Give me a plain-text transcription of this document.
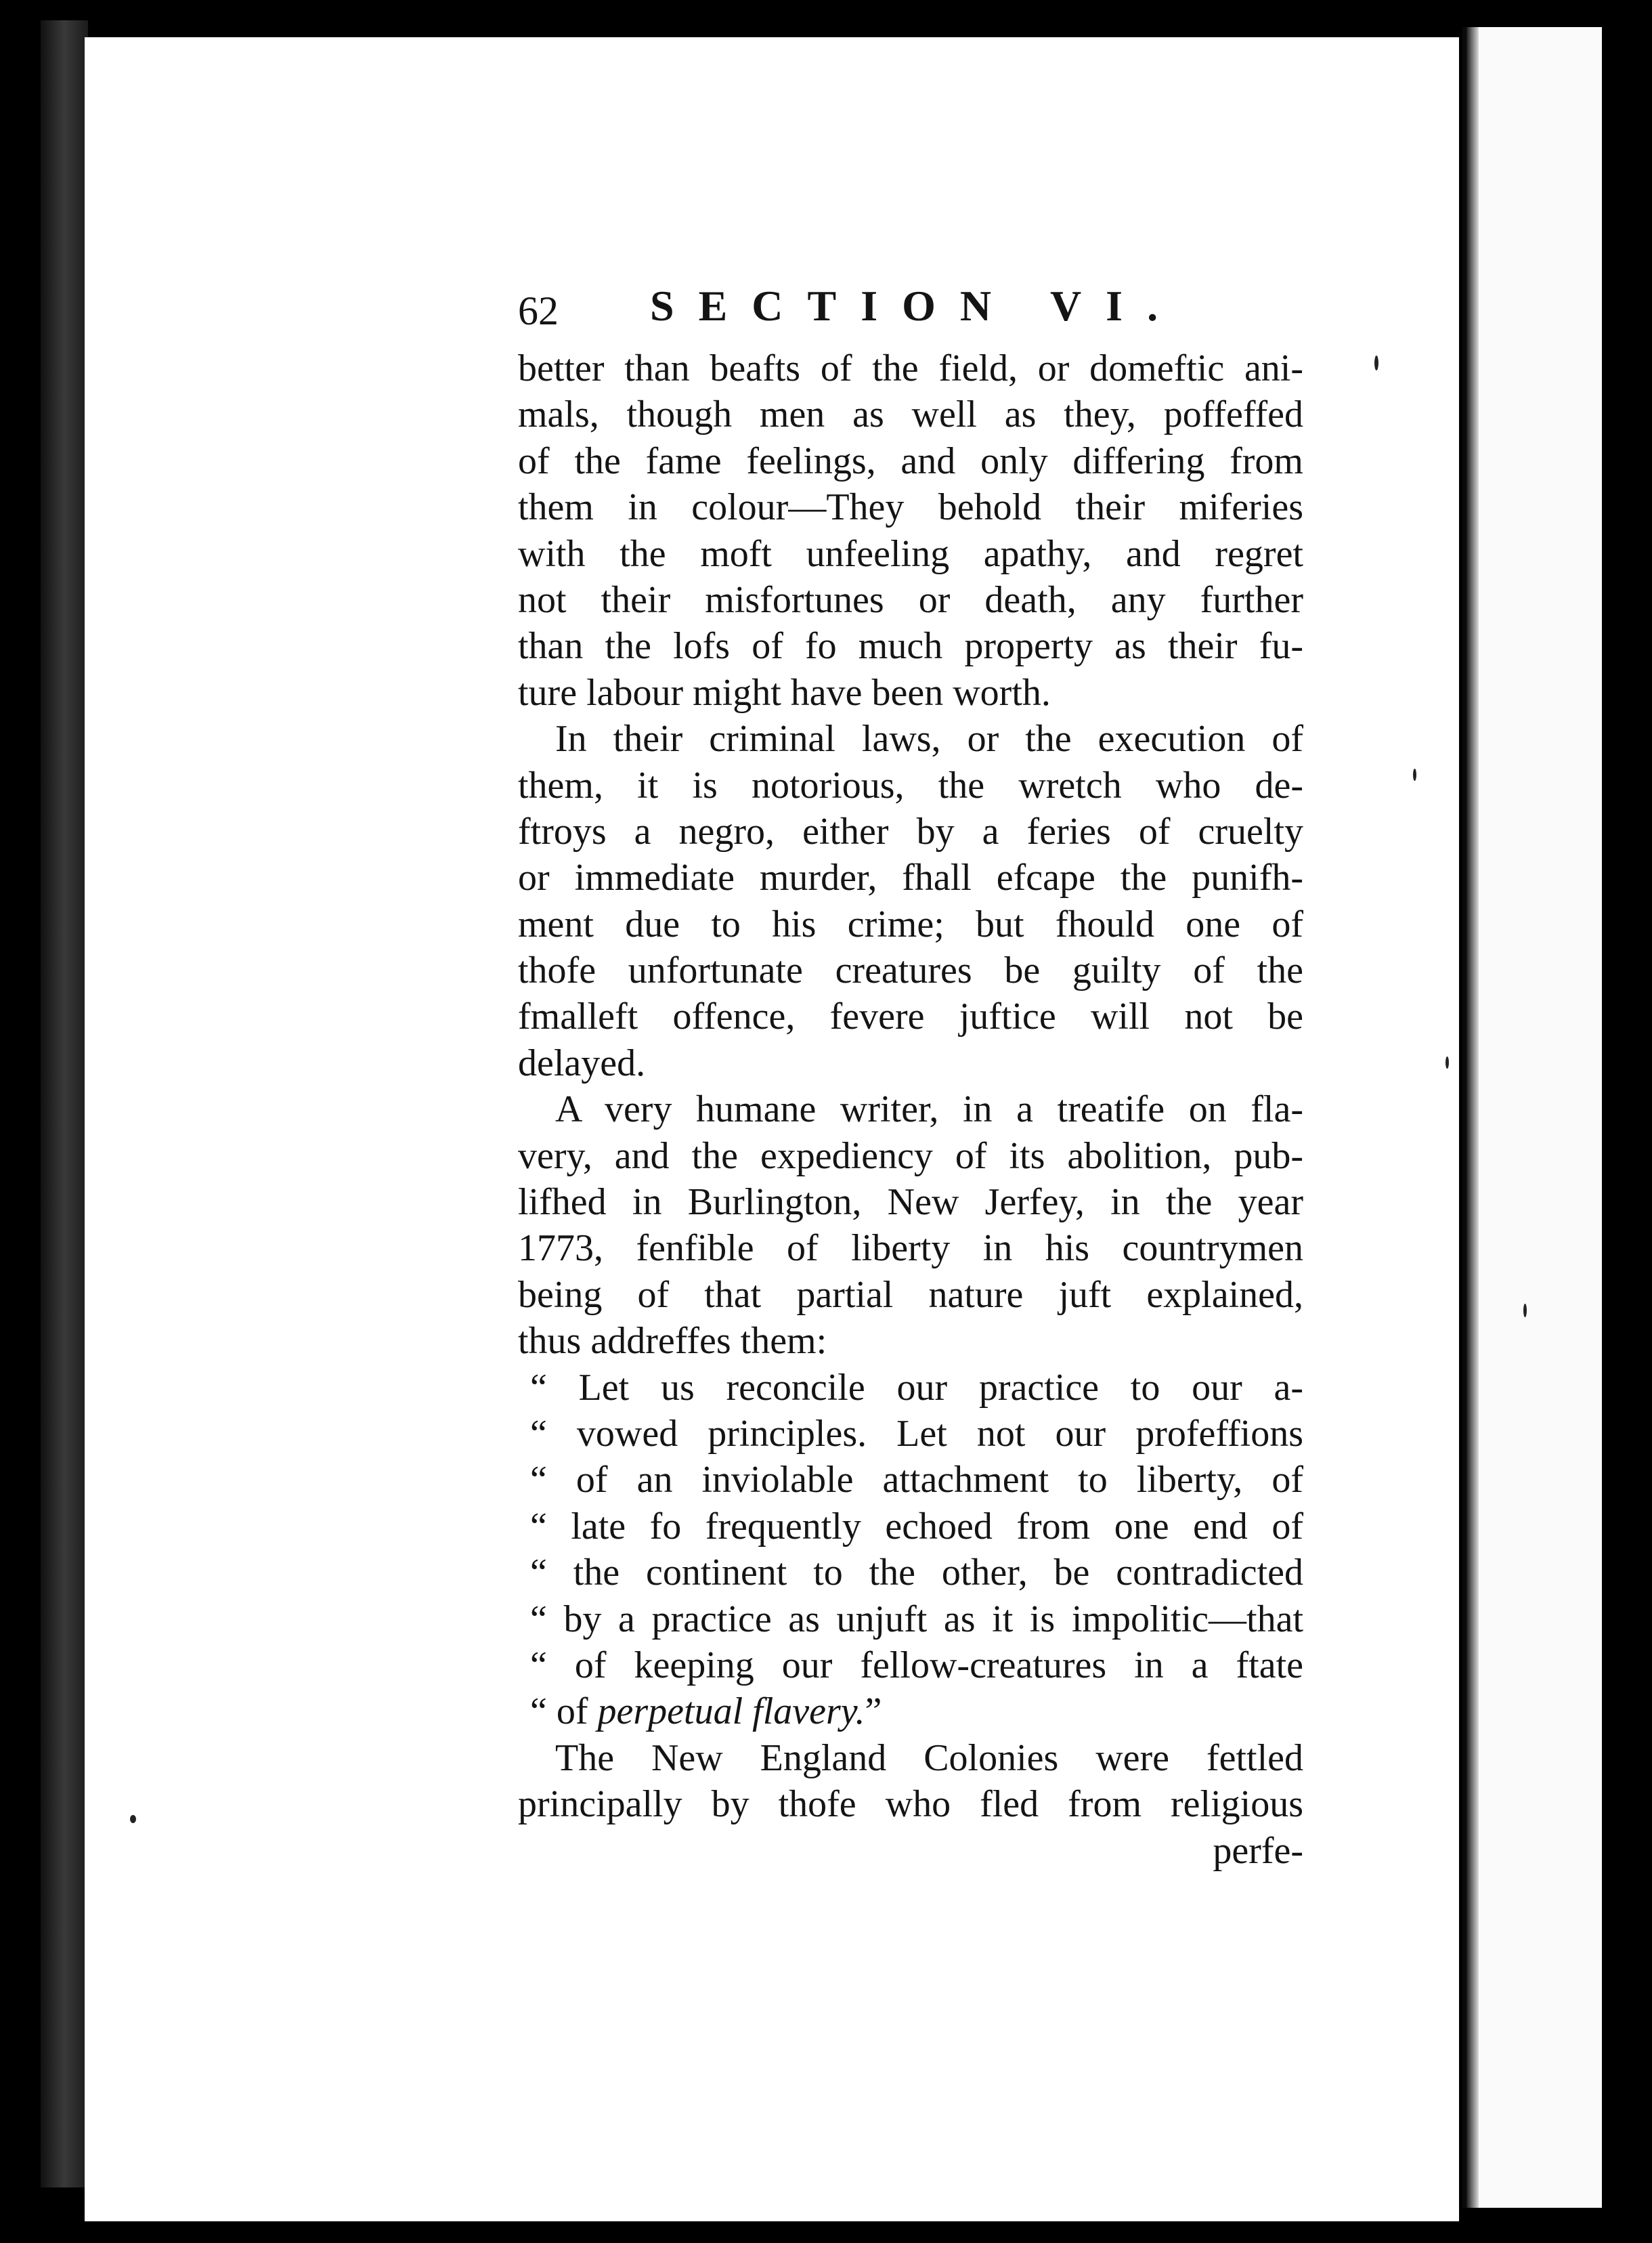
62 SECTION VI.
better than beafts of the field, or domeftic ani-
mals, though men as well as they, poffeffed
of the fame feelings, and only differing from
them in colour—They behold their miferies
with the moft unfeeling apathy, and regret
not their misfortunes or death, any further
than the lofs of fo much property as their fu-
ture labour might have been worth.
In their criminal laws, or the execution of
them, it is notorious, the wretch who de-
ftroys a negro, either by a feries of cruelty
or immediate murder, fhall efcape the punifh-
ment due to his crime; but fhould one of
thofe unfortunate creatures be guilty of the
fmalleft offence, fevere juftice will not be
delayed.
A very humane writer, in a treatife on fla-
very, and the expediency of its abolition, pub-
lifhed in Burlington, New Jerfey, in the year
1773, fenfible of liberty in his countrymen
being of that partial nature juft explained,
thus addreffes them:
“ Let us reconcile our practice to our a-
“ vowed principles. Let not our profeffions
“ of an inviolable attachment to liberty, of
“ late fo frequently echoed from one end of
“ the continent to the other, be contradicted
“ by a practice as unjuft as it is impolitic—that
“ of keeping our fellow-creatures in a ftate
“ of perpetual flavery.”
The New England Colonies were fettled
principally by thofe who fled from religious
perfe-
